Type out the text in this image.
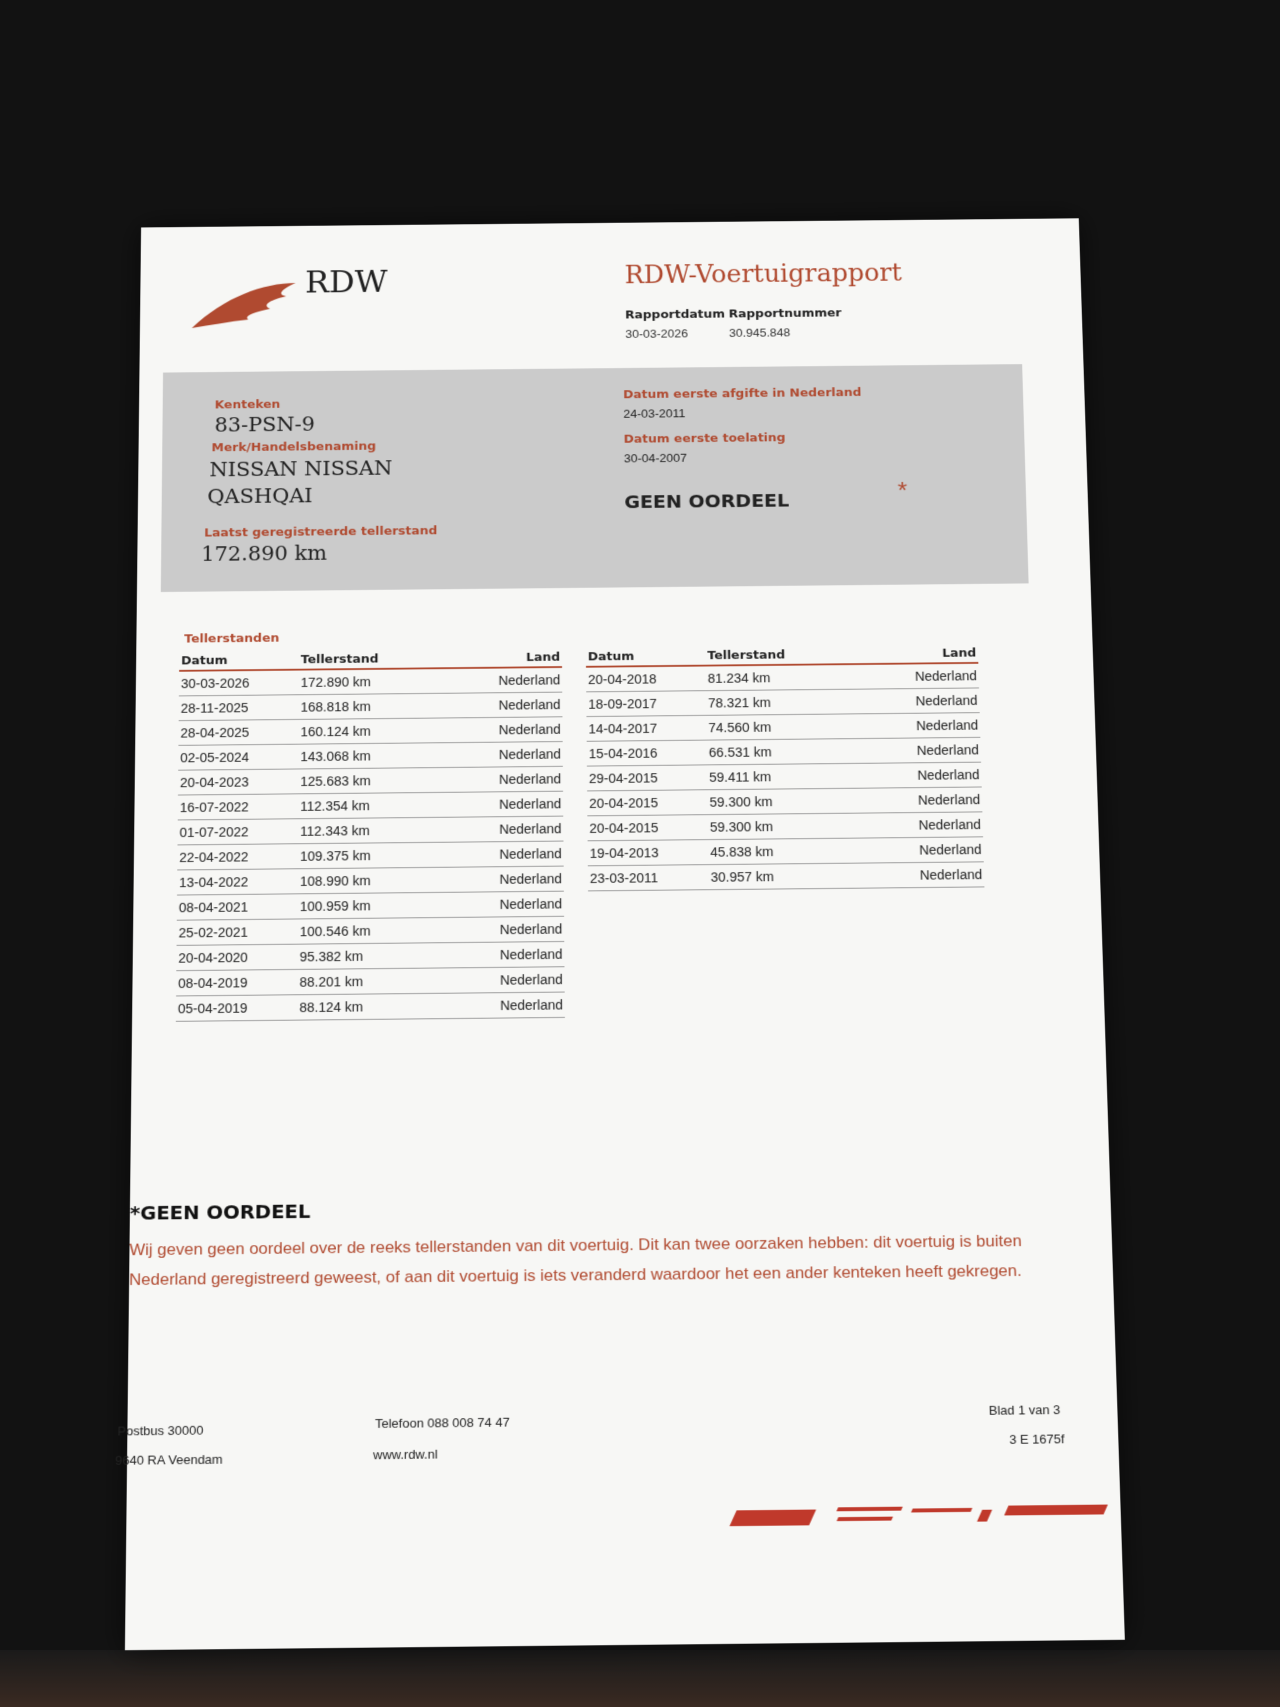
RDW	RDW-Voertuigrapport
Rapportdatum
30-03-2026
Rapportnummer
30.945.848
Kenteken
83-PSN-9
Merk/Handelsbenaming
NISSAN NISSAN
QASHQAI
Laatst geregistreerde tellerstand
172.890 km
Datum eerste afgifte in Nederland
24-03-2011
Datum eerste toelating
30-04-2007
GEEN OORDEEL	*
Tellerstanden
Datum	Tellerstand	Land
30-03-2026	172.890 km	Nederland
28-11-2025	168.818 km	Nederland
28-04-2025	160.124 km	Nederland
02-05-2024	143.068 km	Nederland
20-04-2023	125.683 km	Nederland
16-07-2022	112.354 km	Nederland
01-07-2022	112.343 km	Nederland
22-04-2022	109.375 km	Nederland
13-04-2022	108.990 km	Nederland
08-04-2021	100.959 km	Nederland
25-02-2021	100.546 km	Nederland
20-04-2020	95.382 km	Nederland
08-04-2019	88.201 km	Nederland
05-04-2019	88.124 km	Nederland
Datum	Tellerstand	Land
20-04-2018	81.234 km	Nederland
18-09-2017	78.321 km	Nederland
14-04-2017	74.560 km	Nederland
15-04-2016	66.531 km	Nederland
29-04-2015	59.411 km	Nederland
20-04-2015	59.300 km	Nederland
20-04-2015	59.300 km	Nederland
19-04-2013	45.838 km	Nederland
23-03-2011	30.957 km	Nederland
*GEEN OORDEEL
Wij geven geen oordeel over de reeks tellerstanden van dit voertuig. Dit kan twee oorzaken hebben: dit voertuig is buiten Nederland geregistreerd geweest, of aan dit voertuig is iets veranderd waardoor het een ander kenteken heeft gekregen.
Postbus 30000
9640 RA Veendam
Telefoon 088 008 74 47
www.rdw.nl
Blad 1 van 3
3 E 1675f
